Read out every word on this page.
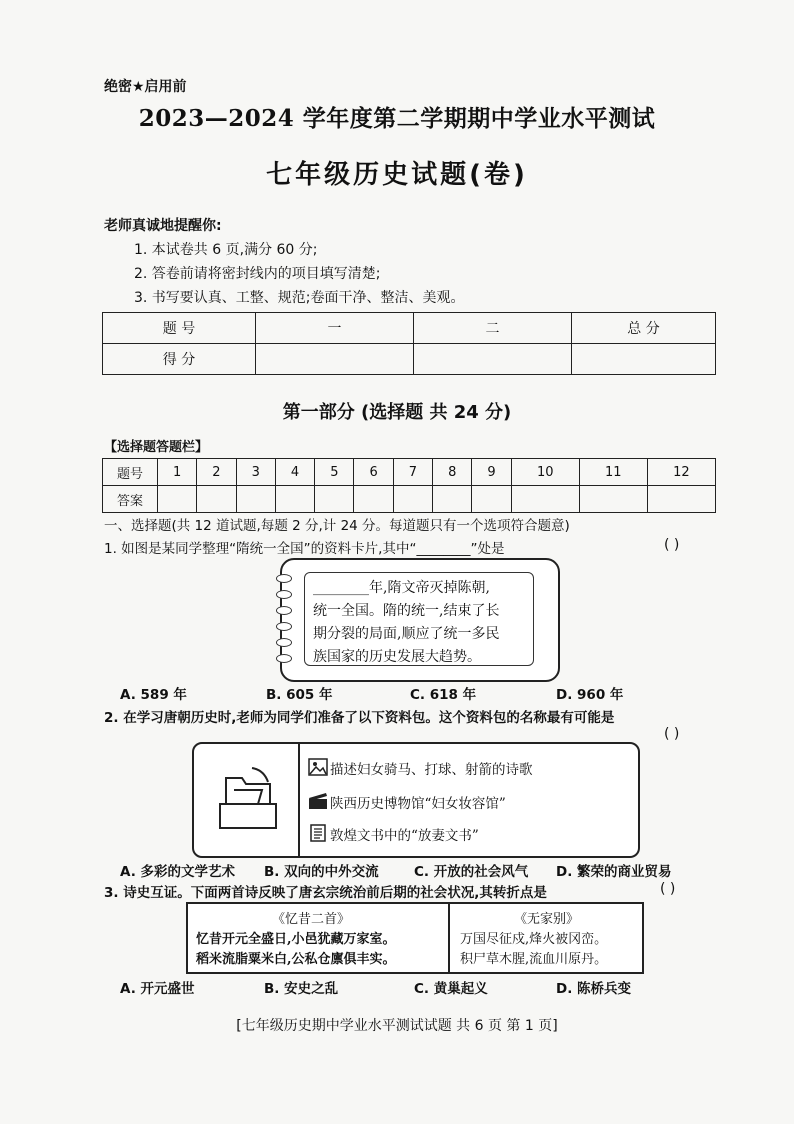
绝密★启用前
2023—2024 学年度第二学期期中学业水平测试
七年级历史试题(卷)
老师真诚地提醒你:
1. 本试卷共 6 页,满分 60 分;
2. 答卷前请将密封线内的项目填写清楚;
3. 书写要认真、工整、规范;卷面干净、整洁、美观。
题 号	一	二	总 分
得 分			
第一部分 (选择题 共 24 分)
【选择题答题栏】
题号	1	2	3	4	5	6	7	8	9	10	11	12
答案												
一、选择题(共 12 道试题,每题 2 分,计 24 分。每道题只有一个选项符合题意)
1. 如图是某同学整理“隋统一全国”的资料卡片,其中“________”处是	( )
________年,隋文帝灭掉陈朝,
统一全国。隋的统一,结束了长
期分裂的局面,顺应了统一多民
族国家的历史发展大趋势。
A. 589 年	B. 605 年	C. 618 年	D. 960 年
2. 在学习唐朝历史时,老师为同学们准备了以下资料包。这个资料包的名称最有可能是
( )
描述妇女骑马、打球、射箭的诗歌
陕西历史博物馆“妇女妆容馆”
敦煌文书中的“放妻文书”
A. 多彩的文学艺术 B. 双向的中外交流	C. 开放的社会风气 D. 繁荣的商业贸易
3. 诗史互证。下面两首诗反映了唐玄宗统治前后期的社会状况,其转折点是	( )
《忆昔二首》
忆昔开元全盛日,小邑犹藏万家室。
稻米流脂粟米白,公私仓廪俱丰实。
《无家别》
万国尽征戍,烽火被冈峦。
积尸草木腥,流血川原丹。
A. 开元盛世	B. 安史之乱	C. 黄巢起义	D. 陈桥兵变
[七年级历史期中学业水平测试试题 共 6 页 第 1 页]
